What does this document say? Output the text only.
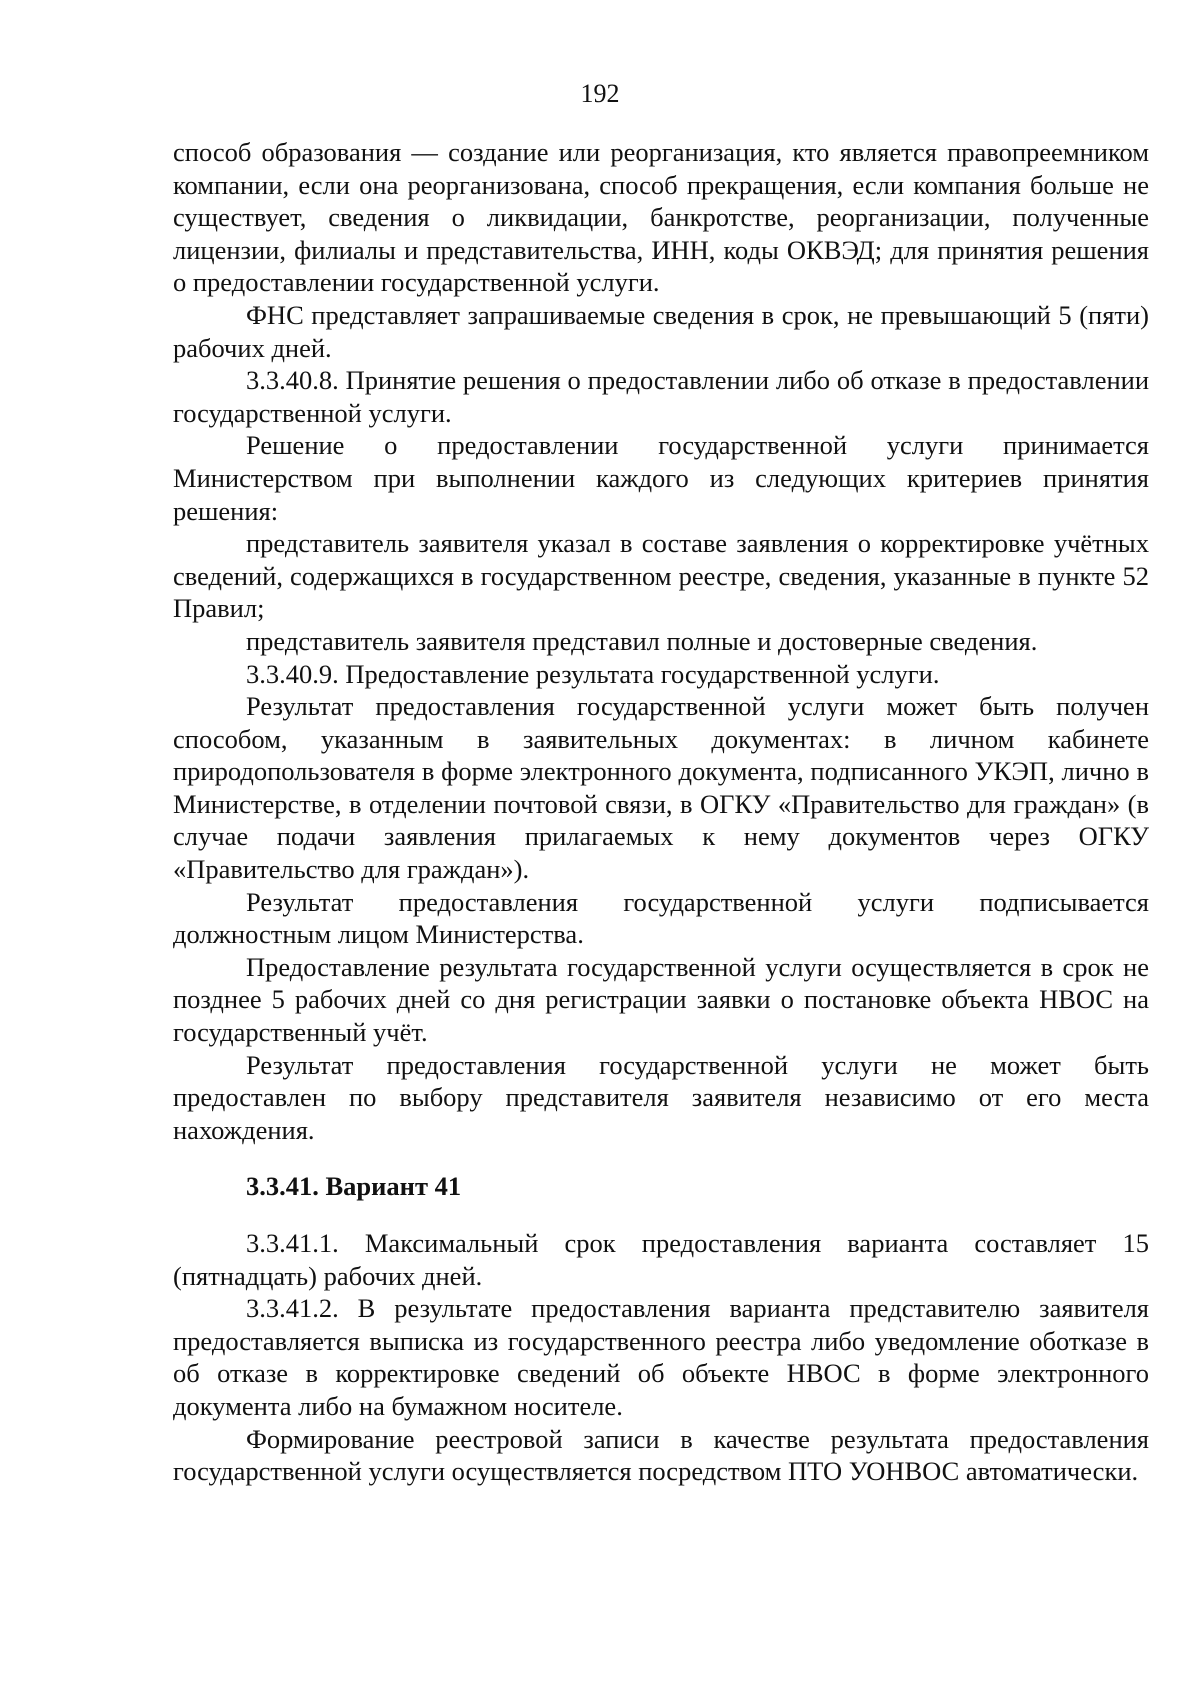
192

способ образования — создание или реорганизация, кто является правопреемником компании, если она реорганизована, способ прекращения, если компания больше не существует, сведения о ликвидации, банкротстве, реорганизации, полученные лицензии, филиалы и представительства, ИНН, коды ОКВЭД; для принятия решения о предоставлении государственной услуги.

ФНС представляет запрашиваемые сведения в срок, не превышающий 5 (пяти) рабочих дней.

3.3.40.8. Принятие решения о предоставлении либо об отказе в предоставлении государственной услуги.

Решение о предоставлении государственной услуги принимается Министерством при выполнении каждого из следующих критериев принятия решения:

представитель заявителя указал в составе заявления о корректировке учётных сведений, содержащихся в государственном реестре, сведения, указанные в пункте 52 Правил;

представитель заявителя представил полные и достоверные сведения.

3.3.40.9. Предоставление результата государственной услуги.

Результат предоставления государственной услуги может быть получен способом, указанным в заявительных документах: в личном кабинете природопользователя в форме электронного документа, подписанного УКЭП, лично в Министерстве, в отделении почтовой связи, в ОГКУ «Правительство для граждан» (в случае подачи заявления прилагаемых к нему документов через ОГКУ «Правительство для граждан»).

Результат предоставления государственной услуги подписывается должностным лицом Министерства.

Предоставление результата государственной услуги осуществляется в срок не позднее 5 рабочих дней со дня регистрации заявки о постановке объекта НВОС на государственный учёт.

Результат предоставления государственной услуги не может быть предоставлен по выбору представителя заявителя независимо от его места нахождения.

3.3.41. Вариант 41

3.3.41.1. Максимальный срок предоставления варианта составляет 15 (пятнадцать) рабочих дней.

3.3.41.2. В результате предоставления варианта представителю заявителя предоставляется выписка из государственного реестра либо уведомление оботказе в об отказе в корректировке сведений об объекте НВОС в форме электронного документа либо на бумажном носителе.

Формирование реестровой записи в качестве результата предоставления государственной услуги осуществляется посредством ПТО УОНВОС автоматически.
